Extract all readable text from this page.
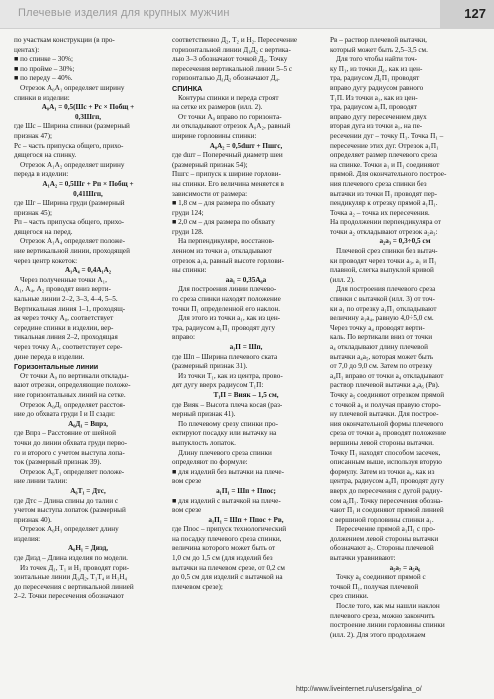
Плечевые изделия для крупных мужчин	127
по участкам конструкции (в про-
центах):
■ по спинке – 30%;
■ по пройме – 30%;
■ по переду – 40%.
Отрезок А₀А₁ определяет ширину
спинки в изделии:
А₀А₁ = 0,5(Шс + Рс × Побщ +
0,3Шгп,
где Шс – Ширина спинки (размерный
признак 47);
Рс – часть припуска общего, прихо-
дящегося на спинку.
Отрезок А₁А₂ определяет ширину
переда в изделии:
А₁А₂ = 0,5Шг + Рп × Побщ +
0,41Шгп,
где Шг – Ширина груди (размерный
признак 45);
Рп – часть припуска общего, прихо-
дящегося на перед.
Отрезок А₁А₄ определяет положе-
ние вертикальной линии, проходящей
через центр кокеток:
А₁А₄ = 0,4А₁А₂
Через полученные точки А₁,
А₁, А₄, А₂ проводят вниз верти-
кальные линии 2–2, 3–3, 4–4, 5–5.
Вертикальная линия 1–1, проходящ-
ая через точку А₀, соответствует
середине спинки в изделии, вер-
тикальная линия 2–2, проходящая
через точку А₁, соответствует сере-
дине переда в изделии.
Горизонтальные линии
От точки А₀ по вертикали отклады-
вают отрезки, определяющие положе-
ние горизонтальных линий на сетке.
Отрезок А₀Д₁ определяет расстоя-
ние до обхвата груди I и II сзади:
А₀Д₁ = Впрз,
где Впрз – Расстояние от шейной
точки до линии обхвата груди перво-
го и второго с учетом выступа лопа-
ток (размерный признак 39).
Отрезок А₀Т₁ определяет положе-
ние линии талии:
А₀Т₁ = Дтс,
где Дтс – Длина спины до талии с
учетом выступа лопаток (размерный
признак 40).
Отрезок А₀Н₁ определяет длину
изделия:
А₀Н₁ = Дизд,
где Дизд – Длина изделия по модели.
Из точек Д₁, Т₁ и Н₁ проводят гори-
зонтальные линии Д₁Д₂, Т₁Т₄ и Н₁Н₄
до пересечения с вертикальной линией
2–2. Точки пересечения обозначают
соответственно Д₂, Т₂ и Н₂. Пересечение
горизонтальной линии Д₁Д₂ с вертика-
лью 3–3 обозначают точкой Д₃. Точку
пересечения вертикальной линии 5–5 с
горизонталью Д₁Д₂ обозначают Д₄.
СПИНКА
Контуры спинки и переда строят
на сетке их размеров (илл. 2).
От точки А₀ вправо по горизонта-
ли откладывают отрезок А₀А₂, равный
ширине горловины спинки:
А₀А₂ = 0,5dшт + Пшгс,
где dшт – Поперечный диаметр шеи
(размерный признак 54);
Пшгс – припуск к ширине горлови-
ны спинки. Его величина меняется в
зависимости от размера:
■ 1,8 см – для размера по обхвату
груди 124;
■ 2,0 см – для размера по обхвату
груди 128.
На перпендикуляре, восстанов-
ленном из точки а₁ откладывают
отрезок a₁a, равный высоте горлови-
ны спинки:
аа₁ = 0,35А₀а
Для построения линии плечево-
го среза спинки находят положение
точки П₁ определенной его наклон.
Для этого из точки а₁, как из цен-
тра, радиусом а₁П₁ проводят дугу
вправо:
а₁П = Шп,
где Шп – Ширина плечевого ската
(размерный признак 31).
Из точки Т₁, как из центра, прово-
дят дугу вверх радиусом Т₁П:
Т₁П = Вияк – 1,5 см,
где Вияк – Высота плеча косая (раз-
мерный признак 41).
По плечевому срезу спинки про-
ектируют посадку или вытачку на
выпуклость лопаток.
Длину плечевого среза спинки
определяют по формуле:
■ для изделий без вытачки на плече-
вом срезе
а₁П₁ = Шп + Ппос;
■ для изделий с вытачкой на плече-
вом срезе
а₁П₁ = Шп + Ппос + Рв,
где Ппос – припуск технологический
на посадку плечевого среза спинки,
величина которого может быть от
1,0 см до 1,5 см (для изделий без
вытачки на плечевом срезе, от 0,2 см
до 0,5 см для изделий с вытачкой на
плечевом срезе);
Рв – раствор плечевой вытачки,
который может быть 2,5–3,5 см.
Для того чтобы найти точ-
ку П₁, из точки Д₁, как из цен-
тра, радиусом Д₁П₁ проводят
вправо дугу радиусом равного
Т₁П. Из точки а₁, как из цен-
тра, радиусом а₁П, проводят
вправо дугу пересечением двух
вторая дуга из точки а₁, на пе-
ресечении дуг – точку П₁. Точка П₁ –
пересечение этих дуг. Отрезок а₁П₁
определяет размер плечевого среза
на спинке. Точки а₁ и П₁ соединяют
прямой. Для окончательного построе-
ния плечевого среза спинки без
вытачки из точки П₁ проводят пер-
пендикуляр к отрезку прямой а₁П₁.
Точка а₂ – точка их пересечения.
На продолжении перпендикуляра от
точки а₂ откладывают отрезок а₂а₃:
а₂а₃ = 0,3÷0,5 см
Плечевой срез спинки без вытач-
ки проводят через точки а₃, а₁ и П₁
плавной, слегка выпуклой кривой
(илл. 2).
Для построения плечевого среза
спинки с вытачкой (илл. 3) от точ-
ки а₁ по отрезку а₁П₁ откладывают
величину а₁а₄, равную 4,0÷5,0 см.
Через точку а₄ проводят верти-
каль. По вертикали вниз от точки
а₄ откладывают длину плечевой
вытачки а₄а₅, которая может быть
от 7,0 до 9,0 см. Затем по отрезку
а₄П₁ вправо от точки а₄ откладывают
раствор плечевой вытачки а₄а₆ (Рв).
Точку а₅ соединяют отрезком прямой
с точкой а₆ и получая правую сторо-
ну плечевой вытачки. Для построе-
ния окончательной формы плечевого
среза от точки а₆ проводят положение
вершины левой стороны вытачки.
Точку П₁ находят способом засечек,
описанным выше, используя вторую
формулу. Затем из точки а₆, как из
центра, радиусом а₆П₁ проводят дугу
вверх до пересечения с дугой радиу-
сом а₆П₁. Точку пересечения обозна-
чают П₁ и соединяют прямой линией
с вершиной горловины спинки а₁.
Пересечение прямой а₁П₁ с про-
должением левой стороны вытачки
обозначают а₇. Стороны плечевой
вытачки уравнивают:
а₅а₇ = а₅а₆
Точку а₆ соединяют прямой с
точкой П₁, получая плечевой
срез спинки.
После того, как мы нашли наклон
плечевого среза, можно закончить
построение линии горловины спинки
(илл. 2). Для этого продолжаем
http://www.liveinternet.ru/users/galina_o/
